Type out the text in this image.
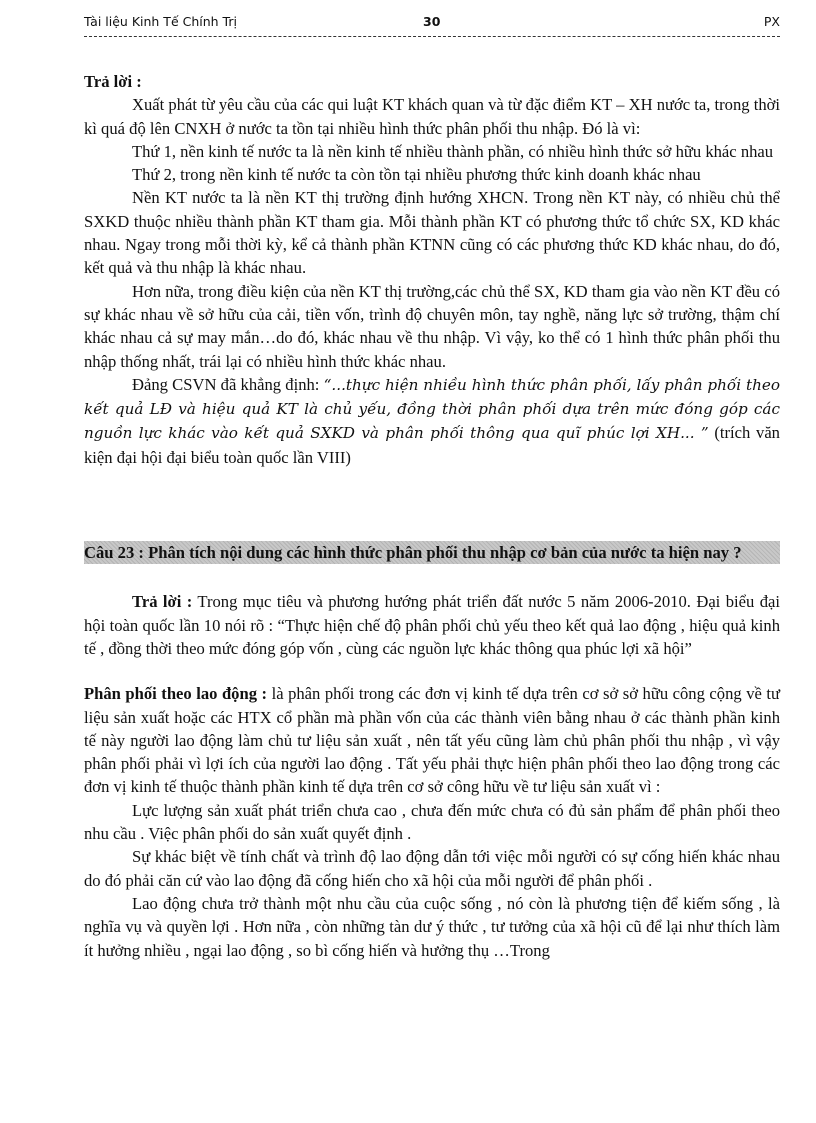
Tài liệu Kinh Tế Chính Trị	30	PX

Trả lời :

Xuất phát từ yêu cầu của các qui luật KT khách quan và từ đặc điểm KT – XH nước ta, trong thời kì quá độ lên CNXH ở nước ta tồn tại nhiều hình thức phân phối thu nhập. Đó là vì:

Thứ 1, nền kinh tế nước ta là nền kinh tế nhiều thành phần, có nhiều hình thức sở hữu khác nhau

Thứ 2, trong nền kinh tế nước ta còn tồn tại nhiều phương thức kinh doanh khác nhau

Nền KT nước ta là nền KT thị trường định hướng XHCN. Trong nền KT này, có nhiều chủ thể SXKD thuộc nhiều thành phần KT tham gia. Mỗi thành phần KT có phương thức tổ chức SX, KD khác nhau. Ngay trong mỗi thời kỳ, kể cả thành phần KTNN cũng có các phương thức KD khác nhau, do đó, kết quả và thu nhập là khác nhau.

Hơn nữa, trong điều kiện của nền KT thị trường,các chủ thể SX, KD tham gia vào nền KT đều có sự khác nhau về sở hữu của cải, tiền vốn, trình độ chuyên môn, tay nghề, năng lực sở trường, thậm chí khác nhau cả sự may mắn…do đó, khác nhau về thu nhập. Vì vậy, ko thể có 1 hình thức phân phối thu nhập thống nhất, trái lại có nhiều hình thức khác nhau.

Đảng CSVN đã khẳng định: “...thực hiện nhiều hình thức phân phối, lấy phân phối theo kết quả LĐ và hiệu quả KT là chủ yếu, đồng thời phân phối dựa trên mức đóng góp các nguồn lực khác vào kết quả SXKD và phân phối thông qua quĩ phúc lợi XH... ” (trích văn kiện đại hội đại biểu toàn quốc lần VIII)

Câu 23 : Phân tích nội dung các hình thức phân phối thu nhập cơ bản của nước ta hiện nay ?

Trả lời : Trong mục tiêu và phương hướng phát triển đất nước 5 năm 2006-2010. Đại biểu đại hội toàn quốc lần 10 nói rõ : “Thực hiện chế độ phân phối chủ yếu theo kết quả lao động , hiệu quả kinh tế , đồng thời theo mức đóng góp vốn , cùng các nguồn lực khác thông qua phúc lợi xã hội”

Phân phối theo lao động : là phân phối trong các đơn vị kinh tế dựa trên cơ sở sở hữu công cộng về tư liệu sản xuất hoặc các HTX cổ phần mà phần vốn của các thành viên bằng nhau ở các thành phần kinh tế này người lao động làm chủ tư liệu sản xuất , nên tất yếu cũng làm chủ phân phối thu nhập , vì vậy phân phối phải vì lợi ích của người lao động . Tất yếu phải thực hiện phân phối theo lao động trong các đơn vị kinh tế thuộc thành phần kinh tế dựa trên cơ sở công hữu về tư liệu sản xuất vì :

Lực lượng sản xuất phát triển chưa cao , chưa đến mức chưa có đủ sản phẩm để phân phối theo nhu cầu . Việc phân phối do sản xuất quyết định .

Sự khác biệt về tính chất và trình độ lao động dẫn tới việc mỗi người có sự cống hiến khác nhau do đó phải căn cứ vào lao động đã cống hiến cho xã hội của mỗi người để phân phối .

Lao động chưa trở thành một nhu cầu của cuộc sống , nó còn là phương tiện để kiếm sống , là nghĩa vụ và quyền lợi . Hơn nữa , còn những tàn dư ý thức , tư tưởng của xã hội cũ để lại như thích làm ít hưởng nhiều , ngại lao động , so bì cống hiến và hưởng thụ …Trong
